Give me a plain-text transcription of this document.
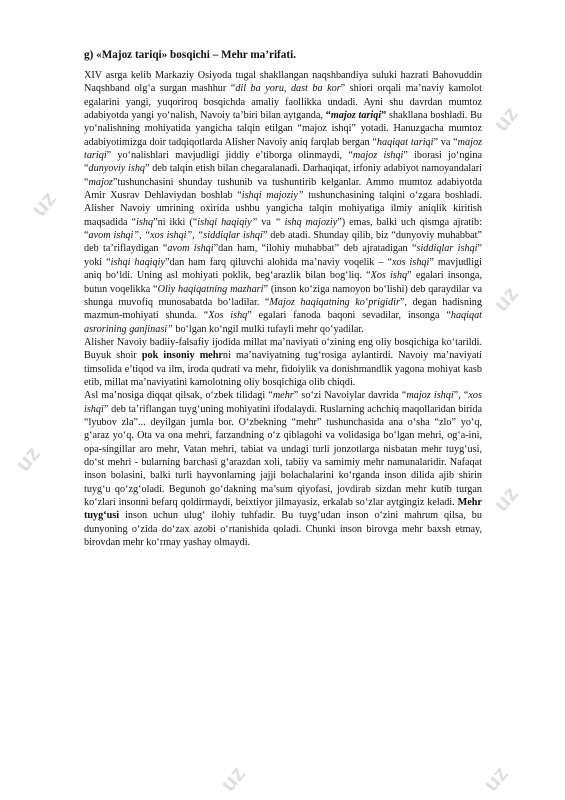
uz
uz
uz
uz
uz
uz	uz
g) «Majoz tariqi» bosqichi – Mehr ma’rifati.

XIV asrga kelib Markaziy Osiyoda tugal shakllangan naqshbandiya suluki hazrati Bahovuddin Naqshband olg‘a surgan mashhur “dil ba yoru, dast ba kor” shiori orqali ma’naviy kamolot egalarini yangi, yuqoriroq bosqichda amaliy faollikka undadi. Ayni shu davrdan mumtoz adabiyotda yangi yo‘nalish, Navoiy ta’biri bilan aytganda, “majoz tariqi” shakllana boshladi. Bu yo‘nalishning mohiyatida yangicha talqin etilgan “majoz ishqi” yotadi. Hanuzgacha mumtoz adabiyotimizga doir tadqiqotlarda Alisher Navoiy aniq farqlab bergan “haqiqat tariqi” va “majoz tariqi” yo‘nalishlari mavjudligi jiddiy e’tiborga olinmaydi, “majoz ishqi” iborasi jo‘ngina “dunyoviy ishq” deb talqin etish bilan chegaralanadi. Darhaqiqat, irfoniy adabiyot namoyandalari “majoz”tushunchasini shunday tushunib va tushuntirib kelganlar. Ammo mumtoz adabiyotda Amir Xusrav Dehlaviydan boshlab “ishqi majoziy” tushunchasining talqini o‘zgara boshladi. Alisher Navoiy umrining oxirida ushbu yangicha talqin mohiyatiga ilmiy aniqlik kiritish maqsadida “ishq”ni ikki (“ishqi haqiqiy” va “ ishq majoziy”) emas, balki uch qismga ajratib: “avom ishqi”, “xos ishqi”, “siddiqlar ishqi” deb atadi. Shunday qilib, biz “dunyoviy muhabbat” deb ta’riflaydigan “avom ishqi”dan ham, “ilohiy muhabbat” deb ajratadigan “siddiqlar ishqi” yoki “ishqi haqiqiy”dan ham farq qiluvchi alohida ma’naviy voqelik – “xos ishqi” mavjudligi aniq bo‘ldi. Uning asl mohiyati poklik, beg‘arazlik bilan bog‘liq. “Xos ishq” egalari insonga, butun voqelikka “Oliy haqiqatning mazhari” (inson ko‘ziga namoyon bo‘lishi) deb qaraydilar va shunga muvofiq munosabatda bo‘ladilar. “Majoz haqiqatning ko‘prigidir”, degan hadisning mazmun-mohiyati shunda. “Xos ishq” egalari fanoda baqoni sevadilar, insonga “haqiqat asrorining ganjinasi” bo‘lgan ko‘ngil mulki tufayli mehr qo‘yadilar.

Alisher Navoiy badiiy-falsafiy ijodida millat ma’naviyati o‘zining eng oliy bosqichiga ko‘tarildi. Buyuk shoir pok insoniy mehrni ma’naviyatning tug‘rosiga aylantirdi. Navoiy ma’naviyati timsolida e’tiqod va ilm, iroda qudrati va mehr, fidoiylik va donishmandlik yagona mohiyat kasb etib, millat ma’naviyatini kamolotning oliy bosqichiga olib chiqdi.

Asl ma’nosiga diqqat qilsak, o‘zbek tilidagi “mehr” so‘zi Navoiylar davrida “majoz ishqi”, “xos ishqi” deb ta’riflangan tuyg‘uning mohiyatini ifodalaydi. Ruslarning achchiq maqollaridan birida “lyubov zla”... deyilgan jumla bor. O‘zbekning “mehr” tushunchasida ana o‘sha “zlo” yo‘q, g‘araz yo‘q. Ota va ona mehri, farzandning o‘z qiblagohi va volidasiga bo‘lgan mehri, og‘a-ini, opa-singillar aro mehr, Vatan mehri, tabiat va undagi turli jonzotlarga nisbatan mehr tuyg‘usi, do‘st mehri - bularning barchasi g‘arazdan xoli, tabiiy va samimiy mehr namunalaridir. Nafaqat inson bolasini, balki turli hayvonlarning jajji bolachalarini ko‘rganda inson dilida ajib shirin tuyg‘u qo‘zg‘oladi. Begunoh go‘dakning ma’sum qiyofasi, jovdirab sizdan mehr kutib turgan ko‘zlari insonni befarq qoldirmaydi, beixtiyor jilmayasiz, erkalab so‘zlar aytgingiz keladi. Mehr tuyg‘usi inson uchun ulug‘ ilohiy tuhfadir. Bu tuyg‘udan inson o‘zini mahrum qilsa, bu dunyoning o‘zida do‘zax azobi o‘rtanishida qoladi. Chunki inson birovga mehr baxsh etmay, birovdan mehr ko‘rmay yashay olmaydi.
